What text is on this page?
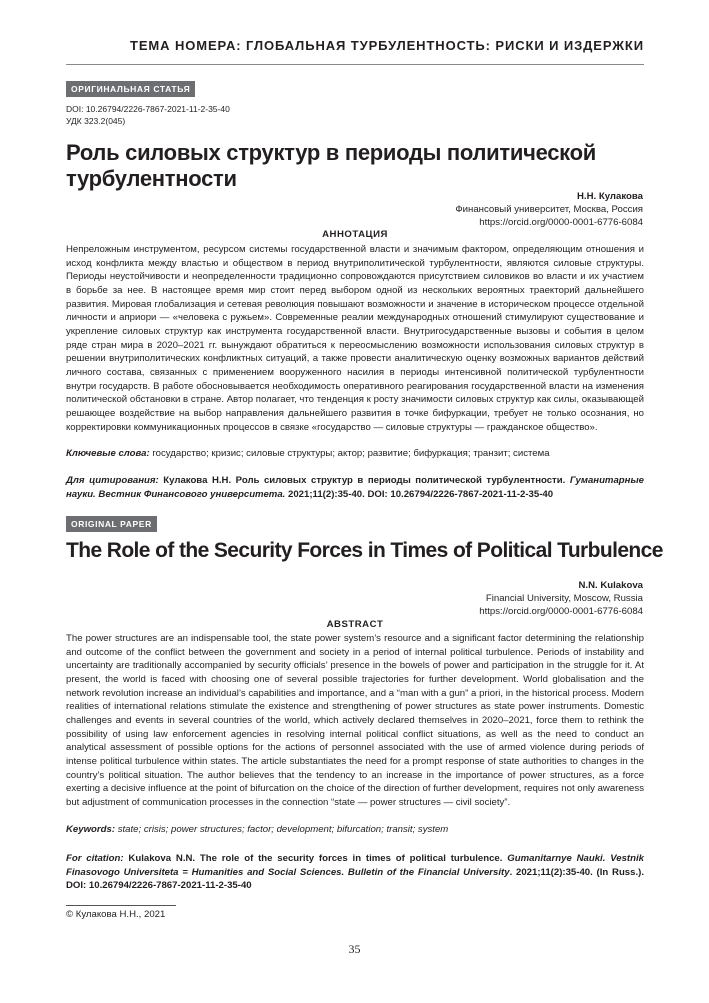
ТЕМА НОМЕРА: ГЛОБАЛЬНАЯ ТУРБУЛЕНТНОСТЬ: РИСКИ И ИЗДЕРЖКИ
ОРИГИНАЛЬНАЯ СТАТЬЯ
DOI: 10.26794/2226-7867-2021-11-2-35-40
УДК 323.2(045)
Роль силовых структур в периоды политической турбулентности
Н.Н. Кулакова
Финансовый университет, Москва, Россия
https://orcid.org/0000-0001-6776-6084
АННОТАЦИЯ
Непреложным инструментом, ресурсом системы государственной власти и значимым фактором, определяющим отношения и исход конфликта между властью и обществом в период внутриполитической турбулентности, являются силовые структуры. Периоды неустойчивости и неопределенности традиционно сопровождаются присутствием силовиков во власти и их участием в борьбе за нее. В настоящее время мир стоит перед выбором одной из нескольких вероятных траекторий дальнейшего развития. Мировая глобализация и сетевая революция повышают возможности и значение в историческом процессе отдельной личности и априори — «человека с ружьем». Современные реалии международных отношений стимулируют существование и укрепление силовых структур как инструмента государственной власти. Внутригосударственные вызовы и события в целом ряде стран мира в 2020–2021 гг. вынуждают обратиться к переосмыслению возможности использования силовых структур в решении внутриполитических конфликтных ситуаций, а также провести аналитическую оценку возможных вариантов действий личного состава, связанных с применением вооруженного насилия в периоды интенсивной политической турбулентности внутри государств. В работе обосновывается необходимость оперативного реагирования государственной власти на изменения политической обстановки в стране. Автор полагает, что тенденция к росту значимости силовых структур как силы, оказывающей решающее воздействие на выбор направления дальнейшего развития в точке бифуркации, требует не только осознания, но корректировки коммуникационных процессов в связке «государство — силовые структуры — гражданское общество».
Ключевые слова: государство; кризис; силовые структуры; актор; развитие; бифуркация; транзит; система
Для цитирования: Кулакова Н.Н. Роль силовых структур в периоды политической турбулентности. Гуманитарные науки. Вестник Финансового университета. 2021;11(2):35-40. DOI: 10.26794/2226-7867-2021-11-2-35-40
ORIGINAL PAPER
The Role of the Security Forces in Times of Political Turbulence
N.N. Kulakova
Financial University, Moscow, Russia
https://orcid.org/0000-0001-6776-6084
ABSTRACT
The power structures are an indispensable tool, the state power system’s resource and a significant factor determining the relationship and outcome of the conflict between the government and society in a period of internal political turbulence. Periods of instability and uncertainty are traditionally accompanied by security officials’ presence in the bowels of power and participation in the struggle for it. At present, the world is faced with choosing one of several possible trajectories for further development. World globalisation and the network revolution increase an individual’s capabilities and importance, and a “man with a gun” a priori, in the historical process. Modern realities of international relations stimulate the existence and strengthening of power structures as state power instruments. Domestic challenges and events in several countries of the world, which actively declared themselves in 2020–2021, force them to rethink the possibility of using law enforcement agencies in resolving internal political conflict situations, as well as the need to conduct an analytical assessment of possible options for the actions of personnel associated with the use of armed violence during periods of intense political turbulence within states. The article substantiates the need for a prompt response of state authorities to changes in the country’s political situation. The author believes that the tendency to an increase in the importance of power structures, as a force exerting a decisive influence at the point of bifurcation on the choice of the direction of further development, requires not only awareness but adjustment of communication processes in the connection “state — power structures — civil society”.
Keywords: state; crisis; power structures; factor; development; bifurcation; transit; system
For citation: Kulakova N.N. The role of the security forces in times of political turbulence. Gumanitarnye Nauki. Vestnik Finasovogo Universiteta = Humanities and Social Sciences. Bulletin of the Financial University. 2021;11(2):35-40. (In Russ.). DOI: 10.26794/2226-7867-2021-11-2-35-40
© Кулакова Н.Н., 2021
35
